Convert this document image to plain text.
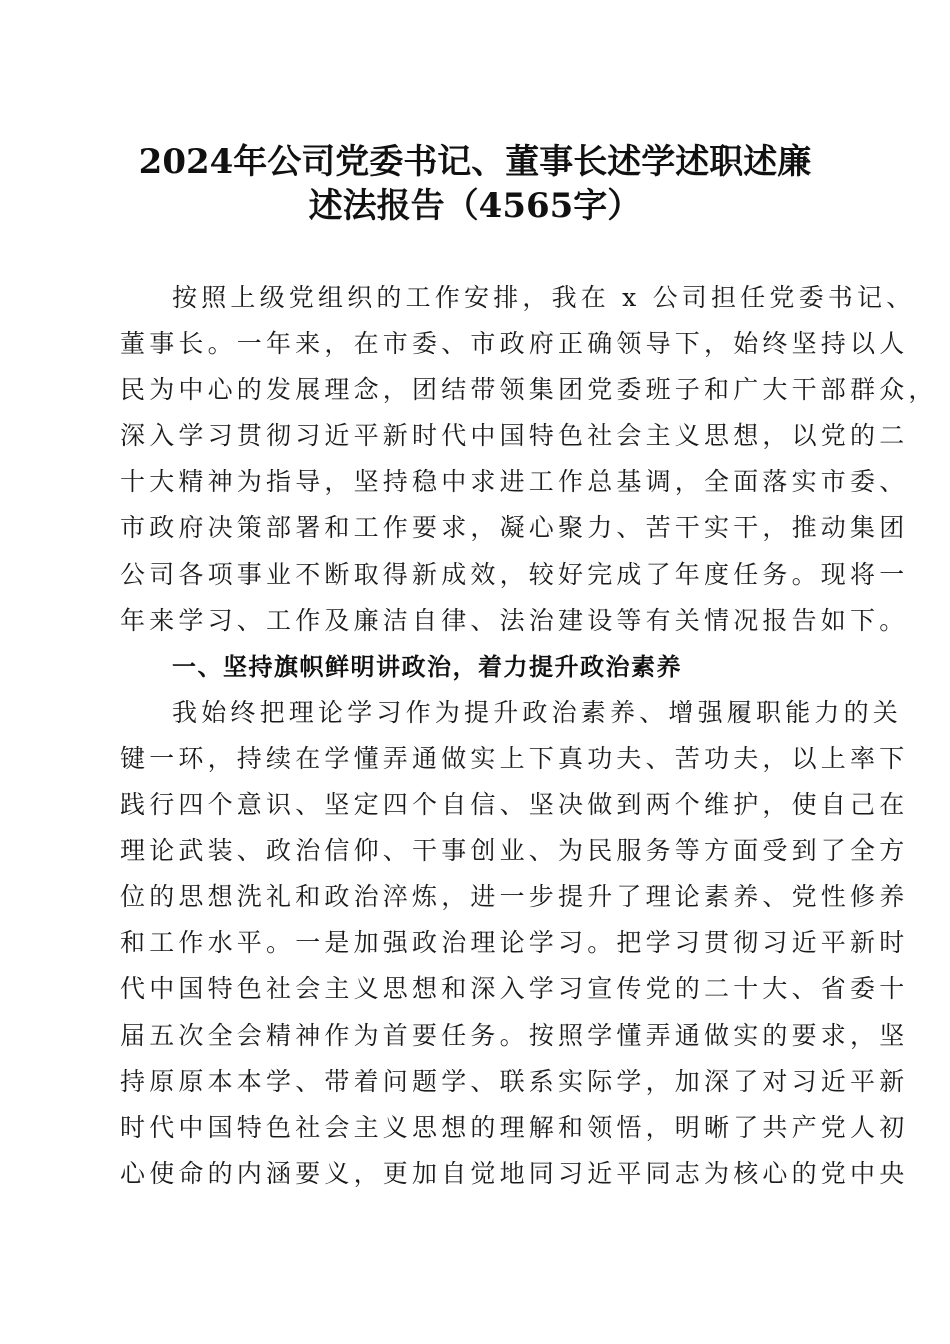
2024年公司党委书记、董事长述学述职述廉
述法报告（4565字）
按照上级党组织的工作安排，我在 x 公司担任党委书记、
董事长。一年来，在市委、市政府正确领导下，始终坚持以人
民为中心的发展理念，团结带领集团党委班子和广大干部群众，
深入学习贯彻习近平新时代中国特色社会主义思想，以党的二
十大精神为指导，坚持稳中求进工作总基调，全面落实市委、
市政府决策部署和工作要求，凝心聚力、苦干实干，推动集团
公司各项事业不断取得新成效，较好完成了年度任务。现将一
年来学习、工作及廉洁自律、法治建设等有关情况报告如下。
一、坚持旗帜鲜明讲政治，着力提升政治素养
我始终把理论学习作为提升政治素养、增强履职能力的关
键一环，持续在学懂弄通做实上下真功夫、苦功夫，以上率下
践行四个意识、坚定四个自信、坚决做到两个维护，使自己在
理论武装、政治信仰、干事创业、为民服务等方面受到了全方
位的思想洗礼和政治淬炼，进一步提升了理论素养、党性修养
和工作水平。一是加强政治理论学习。把学习贯彻习近平新时
代中国特色社会主义思想和深入学习宣传党的二十大、省委十
届五次全会精神作为首要任务。按照学懂弄通做实的要求，坚
持原原本本学、带着问题学、联系实际学，加深了对习近平新
时代中国特色社会主义思想的理解和领悟，明晰了共产党人初
心使命的内涵要义，更加自觉地同习近平同志为核心的党中央
